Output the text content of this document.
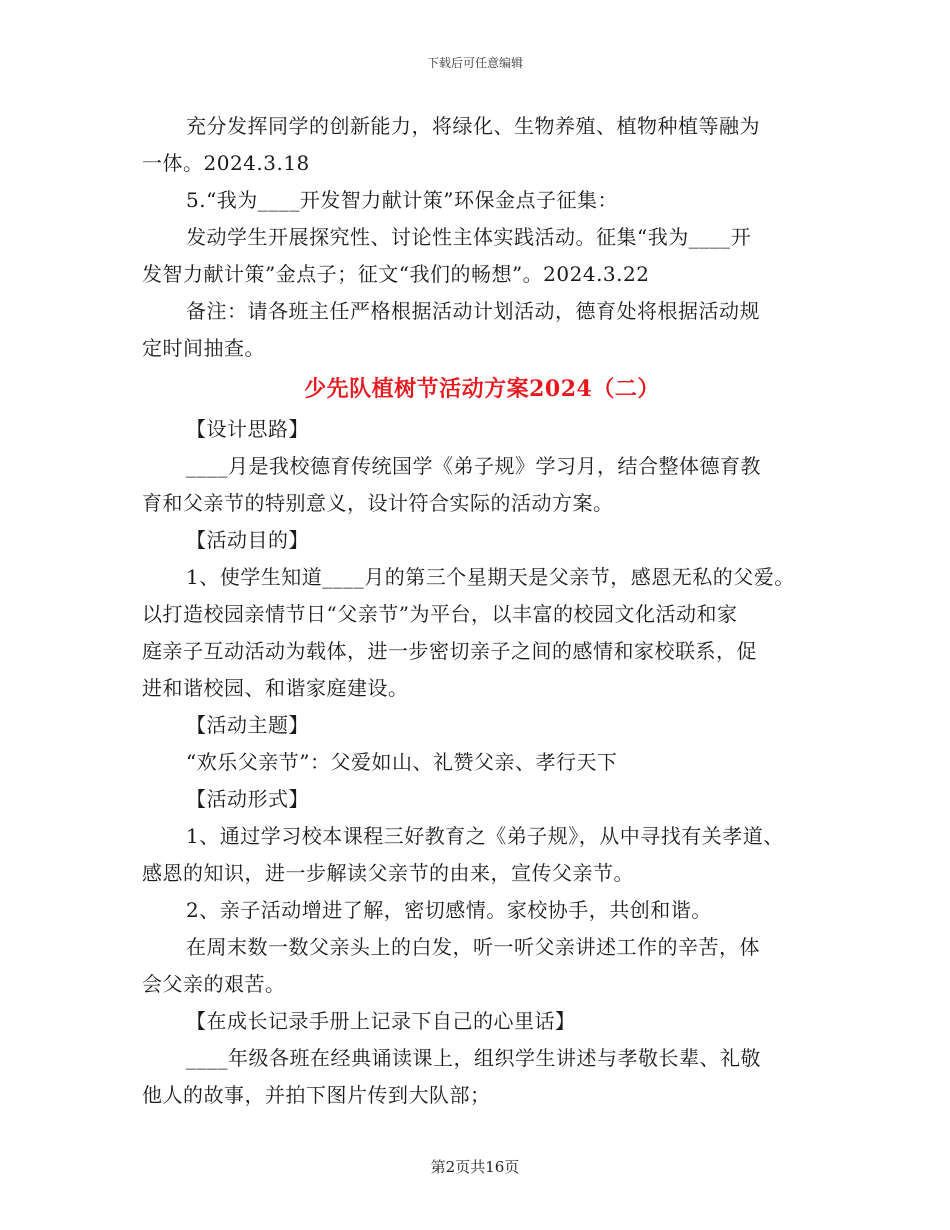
下载后可任意编辑
充分发挥同学的创新能力，将绿化、生物养殖、植物种植等融为
一体。2024.3.18
5.“我为____开发智力献计策”环保金点子征集：
发动学生开展探究性、讨论性主体实践活动。征集“我为____开
发智力献计策”金点子；征文“我们的畅想”。2024.3.22
备注：请各班主任严格根据活动计划活动，德育处将根据活动规
定时间抽查。
少先队植树节活动方案2024（二）
【设计思路】
____月是我校德育传统国学《弟子规》学习月，结合整体德育教
育和父亲节的特别意义，设计符合实际的活动方案。
【活动目的】
1、使学生知道____月的第三个星期天是父亲节，感恩无私的父爱。
以打造校园亲情节日“父亲节”为平台，以丰富的校园文化活动和家
庭亲子互动活动为载体，进一步密切亲子之间的感情和家校联系，促
进和谐校园、和谐家庭建设。
【活动主题】
“欢乐父亲节”：父爱如山、礼赞父亲、孝行天下
【活动形式】
1、通过学习校本课程三好教育之《弟子规》，从中寻找有关孝道、
感恩的知识，进一步解读父亲节的由来，宣传父亲节。
2、亲子活动增进了解，密切感情。家校协手，共创和谐。
在周末数一数父亲头上的白发，听一听父亲讲述工作的辛苦，体
会父亲的艰苦。
【在成长记录手册上记录下自己的心里话】
____年级各班在经典诵读课上，组织学生讲述与孝敬长辈、礼敬
他人的故事，并拍下图片传到大队部；
第2页共16页
